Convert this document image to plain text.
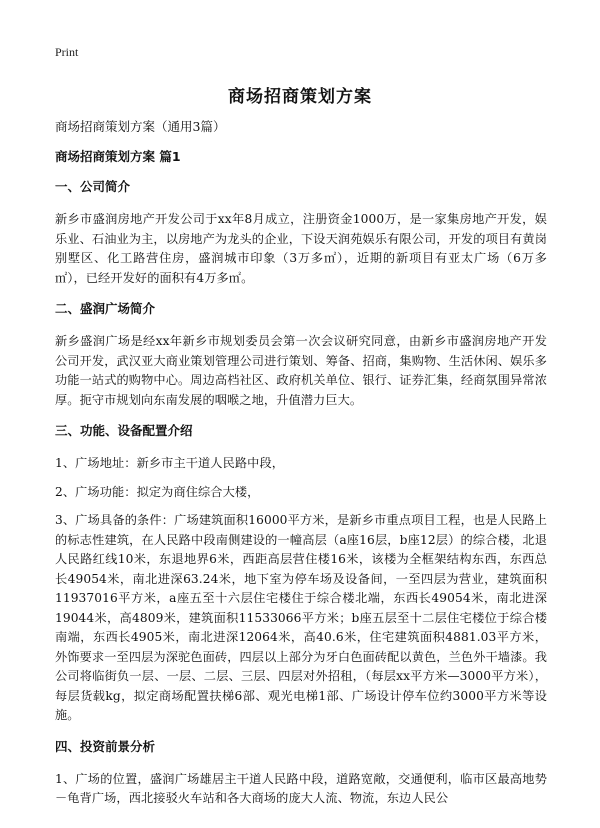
Print
商场招商策划方案
商场招商策划方案（通用3篇）
商场招商策划方案 篇1
一、公司简介
新乡市盛润房地产开发公司于xx年8月成立，注册资金1000万，是一家集房地产开发，娱乐业、石油业为主，以房地产为龙头的企业，下设天润苑娱乐有限公司，开发的项目有黄岗别墅区、化工路营住房，盛润城市印象（3万多㎡），近期的新项目有亚太广场（6万多㎡），已经开发好的面积有4万多㎡。
二、盛润广场简介
新乡盛润广场是经xx年新乡市规划委员会第一次会议研究同意，由新乡市盛润房地产开发公司开发，武汉亚大商业策划管理公司进行策划、筹备、招商，集购物、生活休闲、娱乐多功能一站式的购物中心。周边高档社区、政府机关单位、银行、证券汇集，经商氛围异常浓厚。扼守市规划向东南发展的咽喉之地，升值潜力巨大。
三、功能、设备配置介绍
1、广场地址：新乡市主干道人民路中段，
2、广场功能：拟定为商住综合大楼，
3、广场具备的条件：广场建筑面积16000平方米，是新乡市重点项目工程，也是人民路上的标志性建筑，在人民路中段南侧建设的一幢高层（a座16层，b座12层）的综合楼，北退人民路红线10米，东退地界6米，西距高层营住楼16米，该楼为全框架结构东西，东西总长49054米，南北进深63.24米，地下室为停车场及设备间，一至四层为营业，建筑面积11937016平方米，a座五至十六层住宅楼住于综合楼北端，东西长49054米，南北进深19044米，高4809米，建筑面积11533066平方米；b座五层至十二层住宅楼位于综合楼南端，东西长4905米，南北进深12064米，高40.6米，住宅建筑面积4881.03平方米，外饰要求一至四层为深驼色面砖，四层以上部分为牙白色面砖配以黄色，兰色外干墙漆。我公司将临街负一层、一层、二层、三层、四层对外招租，（每层xx平方米—3000平方米），每层货载kg，拟定商场配置扶梯6部、观光电梯1部、广场设计停车位约3000平方米等设施。
四、投资前景分析
1、广场的位置，盛润广场雄居主干道人民路中段，道路宽敞，交通便利，临市区最高地势－龟背广场，西北接驳火车站和各大商场的庞大人流、物流，东边人民公
